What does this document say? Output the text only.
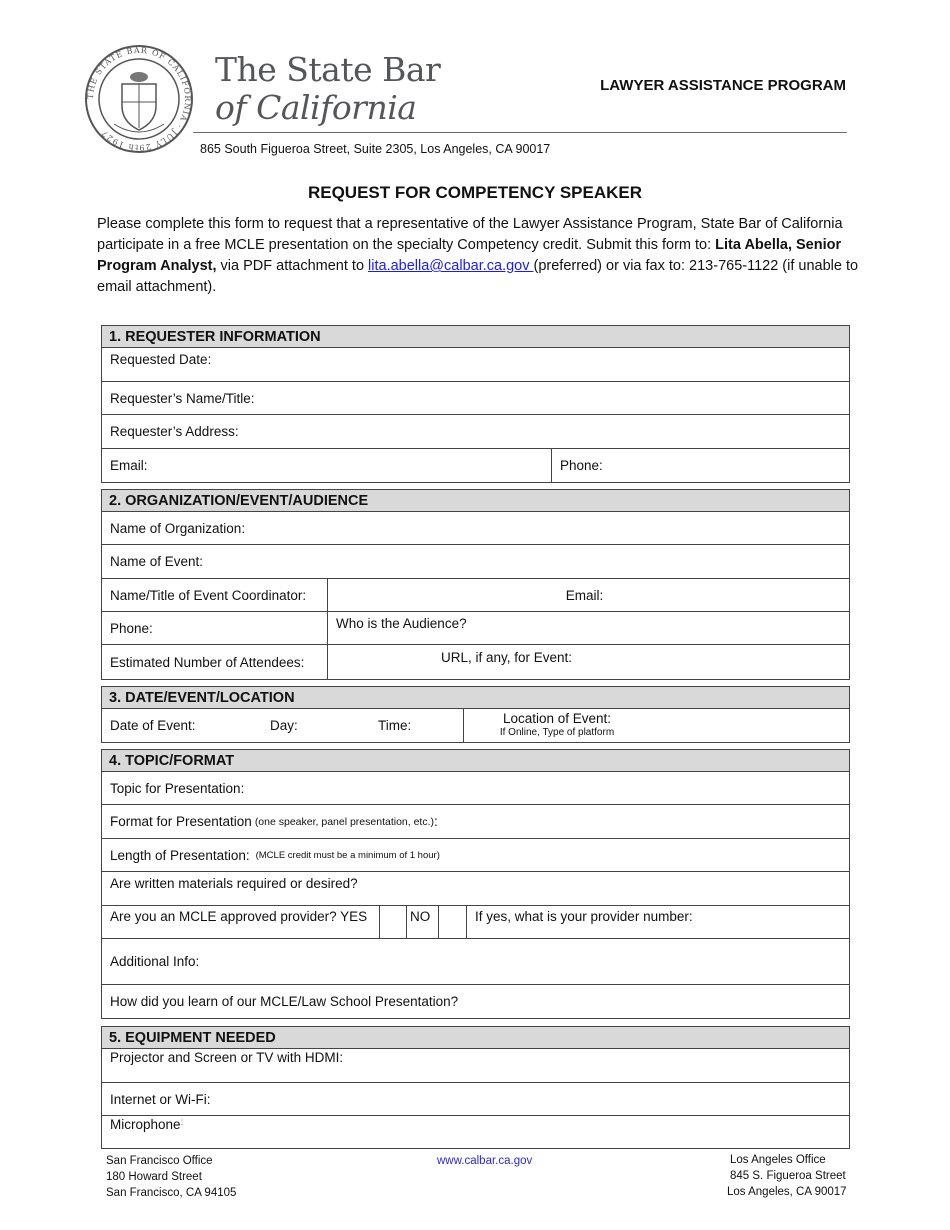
THE STATE BAR OF CALIFORNIA · JULY 29th 1927
The State Bar
of California
LAWYER ASSISTANCE PROGRAM
865 South Figueroa Street, Suite 2305, Los Angeles, CA 90017
REQUEST FOR COMPETENCY SPEAKER
Please complete this form to request that a representative of the Lawyer Assistance Program, State Bar of California participate in a free MCLE presentation on the specialty Competency credit. Submit this form to: Lita Abella, Senior Program Analyst, via PDF attachment to lita.abella@calbar.ca.gov (preferred) or via fax to: 213-765-1122 (if unable to email attachment).
1. REQUESTER INFORMATION
Requested Date:
Requester’s Name/Title:
Requester’s Address:
Email:	Phone:
2. ORGANIZATION/EVENT/AUDIENCE
Name of Organization:
Name of Event:
Name/Title of Event Coordinator:	Email:
Phone:	Who is the Audience?
Estimated Number of Attendees:	URL, if any, for Event:
3. DATE/EVENT/LOCATION
Date of Event:	Day:	Time:	Location of Event:
If Online, Type of platform
4. TOPIC/FORMAT
Topic for Presentation:
Format for Presentation (one speaker, panel presentation, etc.) :
Length of Presentation: (MCLE credit must be a minimum of 1 hour)
Are written materials required or desired?
Are you an MCLE approved provider? YES	NO	If yes, what is your provider number:
Additional Info:
How did you learn of our MCLE/Law School Presentation?
5. EQUIPMENT NEEDED
Projector and Screen or TV with HDMI:
Internet or Wi-Fi:
Microphone :
San Francisco Office
180 Howard Street
San Francisco, CA 94105
www.calbar.ca.gov	Los Angeles Office
845 S. Figueroa Street
Los Angeles, CA 90017
